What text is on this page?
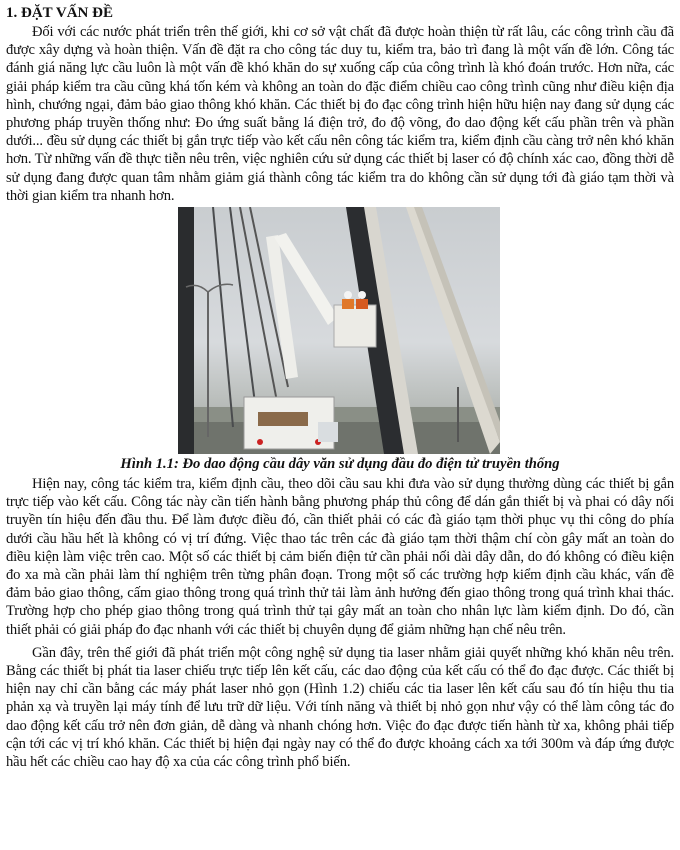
1. ĐẶT VẤN ĐỀ

Đối với các nước phát triển trên thế giới, khi cơ sở vật chất đã được hoàn thiện từ rất lâu, các công trình cầu đã được xây dựng và hoàn thiện. Vấn đề đặt ra cho công tác duy tu, kiểm tra, bảo trì đang là một vấn đề lớn. Công tác đánh giá năng lực cầu luôn là một vấn đề khó khăn do sự xuống cấp của công trình là khó đoán trước. Hơn nữa, các giải pháp kiểm tra cầu cũng khá tốn kém và không an toàn do đặc điểm chiều cao công trình cũng như điều kiện địa hình, chướng ngại, đảm bảo giao thông khó khăn. Các thiết bị đo đạc công trình hiện hữu hiện nay đang sử dụng các phương pháp truyền thống như: Đo ứng suất bằng lá điện trở, đo độ võng, đo dao động kết cấu phần trên và phần dưới... đều sử dụng các thiết bị gắn trực tiếp vào kết cấu nên công tác kiểm tra, kiểm định cầu càng trở nên khó khăn hơn. Từ những vấn đề thực tiễn nêu trên, việc nghiên cứu sử dụng các thiết bị laser có độ chính xác cao, đồng thời dễ sử dụng đang được quan tâm nhằm giảm giá thành công tác kiểm tra do không cần sử dụng tới đà giáo tạm thời và thời gian kiểm tra nhanh hơn.

Hình 1.1: Đo dao động cầu dây văn sử dụng đầu đo điện tử truyền thống

Hiện nay, công tác kiểm tra, kiểm định cầu, theo dõi cầu sau khi đưa vào sử dụng thường dùng các thiết bị gắn trực tiếp vào kết cấu. Công tác này cần tiến hành bằng phương pháp thủ công để dán gắn thiết bị và phai có dây nối truyền tín hiệu đến đầu thu. Để làm được điều đó, cần thiết phải có các đà giáo tạm thời phục vụ thi công do phía dưới cầu hầu hết là không có vị trí đứng. Việc thao tác trên các đà giáo tạm thời thậm chí còn gây mất an toàn do điều kiện làm việc trên cao. Một số các thiết bị cảm biến điện tử cần phải nối dài dây dẫn, do đó không có điều kiện đo xa mà cần phải làm thí nghiệm trên từng phân đoạn. Trong một số các trường hợp kiểm định cầu khác, vấn đề đảm bảo giao thông, cấm giao thông trong quá trình thử tải làm ảnh hưởng đến giao thông trong quá trình khai thác. Trường hợp cho phép giao thông trong quá trình thử tại gây mất an toàn cho nhân lực làm kiểm định. Do đó, cần thiết phải có giải pháp đo đạc nhanh với các thiết bị chuyên dụng để giảm những hạn chế nêu trên.

Gần đây, trên thế giới đã phát triển một công nghệ sử dụng tia laser nhằm giải quyết những khó khăn nêu trên. Bằng các thiết bị phát tia laser chiếu trực tiếp lên kết cấu, các dao động của kết cấu có thể đo đạc được. Các thiết bị hiện nay chỉ cần bằng các máy phát laser nhỏ gọn (Hình 1.2) chiếu các tia laser lên kết cấu sau đó tín hiệu thu tia phản xạ và truyền lại máy tính để lưu trữ dữ liệu. Với tính năng và thiết bị nhỏ gọn như vậy có thể làm công tác đo dao động kết cấu trở nên đơn giản, dễ dàng và nhanh chóng hơn. Việc đo đạc được tiến hành từ xa, không phải tiếp cận tới các vị trí khó khăn. Các thiết bị hiện đại ngày nay có thể đo được khoảng cách xa tới 300m và đáp ứng được hầu hết các chiều cao hay độ xa của các công trình phổ biến.
